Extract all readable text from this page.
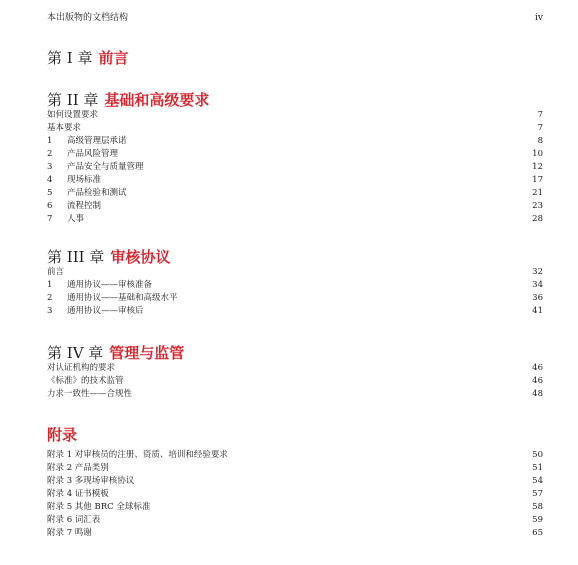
本出版物的文档结构	iv
第 I 章 前言
第 II 章 基础和高级要求
如何设置要求	7
基本要求	7
1	高级管理层承诺	8
2	产品风险管理	10
3	产品安全与质量管理	12
4	现场标准	17
5	产品检验和测试	21
6	流程控制	23
7	人事	28
第 III 章 审核协议
前言	32
1	通用协议——审核准备	34
2	通用协议——基础和高级水平	36
3	通用协议——审核后	41
第 IV 章 管理与监管
对认证机构的要求	46
《标准》的技术监管	46
力求一致性——合规性	48
附录
附录 1 对审核员的注册、资质、培训和经验要求	50
附录 2 产品类别	51
附录 3 多现场审核协议	54
附录 4 证书模板	57
附录 5 其他 BRC 全球标准	58
附录 6 词汇表	59
附录 7 鸣谢	65
